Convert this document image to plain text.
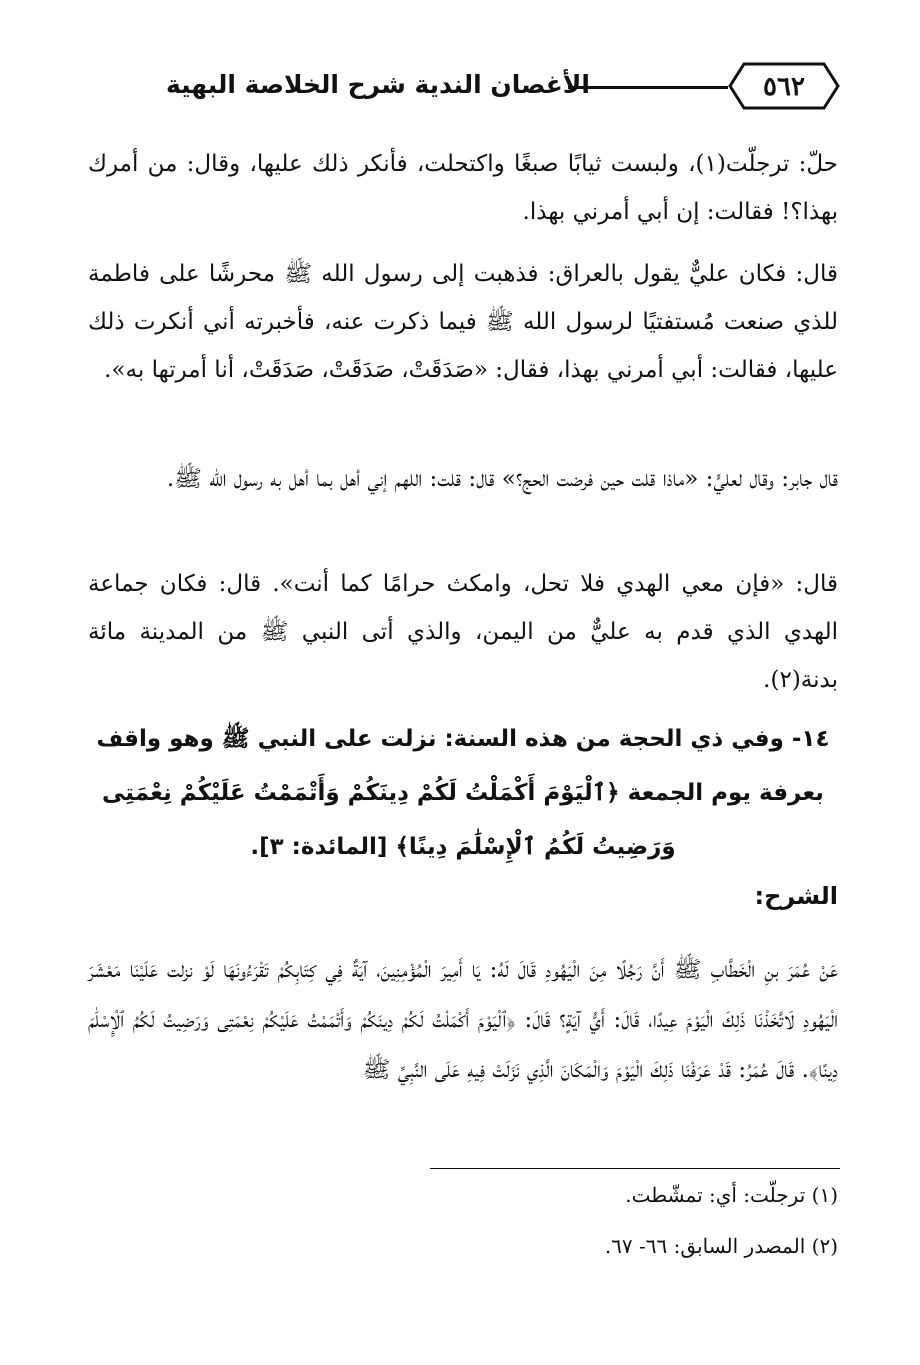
الأغصان الندية شرح الخلاصة البهية	٥٦٢
حلّ: ترجلّت(١)، ولبست ثيابًا صبغًا واكتحلت، فأنكر ذلك عليها، وقال: من أمرك بهذا؟! فقالت: إن أبي أمرني بهذا.
قال: فكان عليٌّ يقول بالعراق: فذهبت إلى رسول الله ﷺ محرشًا على فاطمة للذي صنعت مُستفتيًا لرسول الله ﷺ فيما ذكرت عنه، فأخبرته أني أنكرت ذلك عليها، فقالت: أبي أمرني بهذا، فقال: «صَدَقَتْ، صَدَقَتْ، صَدَقَتْ، أنا أمرتها به».
قال جابر: وقال لعليٍّ: «ماذا قلت حين فرضت الحج؟» قال: قلت: اللهم إني أهل بما أهل به رسول الله ﷺ.
قال: «فإن معي الهدي فلا تحل، وامكث حرامًا كما أنت». قال: فكان جماعة الهدي الذي قدم به عليٌّ من اليمن، والذي أتى النبي ﷺ من المدينة مائة بدنة(٢).
١٤- وفي ذي الحجة من هذه السنة: نزلت على النبي ﷺ وهو واقف بعرفة يوم الجمعة ﴿ٱلْيَوْمَ أَكْمَلْتُ لَكُمْ دِينَكُمْ وَأَتْمَمْتُ عَلَيْكُمْ نِعْمَتِى وَرَضِيتُ لَكُمُ ٱلْإِسْلَٰمَ دِينًا﴾ [المائدة: ٣].
الشرح:
عَنْ عُمَرَ بنِ الْخَطَّابِ ﷺ أَنَّ رَجُلًا مِنَ الْيَهُودِ قَالَ لَهُ: يَا أَمِيرَ الْمُؤْمِنِينَ، آيَةٌ فِي كِتَابِكُمْ تَقْرَءُونَهَا لَوْ نزلت عَلَيْنَا مَعْشَرَ الْيَهُودِ لَاتَّخَذْنَا ذَلِكَ الْيَوْمَ عِيدًا، قَالَ: أَيُّ آيَةٍ؟ قَالَ: ﴿ٱلْيَوْمَ أَكْمَلْتُ لَكُمْ دِينَكُمْ وَأَتْمَمْتُ عَلَيْكُمْ نِعْمَتِى وَرَضِيتُ لَكُمُ ٱلْإِسْلَٰمَ دِينًا﴾. قَالَ عُمَرُ: قَدْ عَرَفْنَا ذَلِكَ الْيَوْمَ وَالْمَكَانَ الَّذِي نَزَلَتْ فِيهِ عَلَى النَّبِيِّ ﷺ
(١) ترجلّت: أي: تمشّطت.
(٢) المصدر السابق: ٦٦- ٦٧.
